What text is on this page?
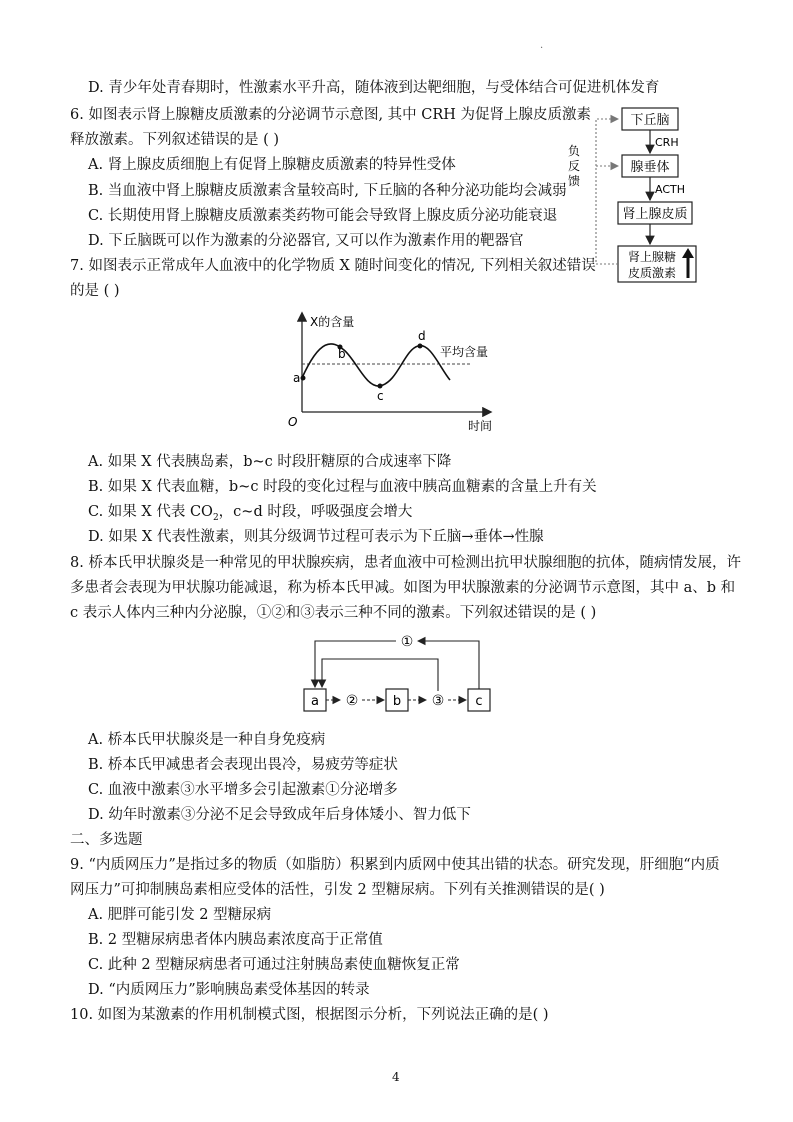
.
D. 青少年处青春期时，性激素水平升高，随体液到达靶细胞，与受体结合可促进机体发育
6. 如图表示肾上腺糖皮质激素的分泌调节示意图, 其中 CRH 为促肾上腺皮质激素
释放激素。下列叙述错误的是 ( )
A. 肾上腺皮质细胞上有促肾上腺糖皮质激素的特异性受体
B. 当血液中肾上腺糖皮质激素含量较高时, 下丘脑的各种分泌功能均会减弱
C. 长期使用肾上腺糖皮质激素类药物可能会导致肾上腺皮质分泌功能衰退
D. 下丘脑既可以作为激素的分泌器官, 又可以作为激素作用的靶器官
下丘脑
CRH
腺垂体
ACTH
肾上腺皮质
肾上腺糖
皮质激素
负
反
馈
7. 如图表示正常成年人血液中的化学物质 X 随时间变化的情况, 下列相关叙述错误
的是 ( )
X的含量
时间
O
平均含量
a
b
c
d
A. 如果 X 代表胰岛素，b~c 时段肝糖原的合成速率下降
B. 如果 X 代表血糖，b~c 时段的变化过程与血液中胰高血糖素的含量上升有关
C. 如果 X 代表 $CO_2$，c~d 时段，呼吸强度会增大
D. 如果 X 代表性激素，则其分级调节过程可表示为下丘脑→垂体→性腺
8. 桥本氏甲状腺炎是一种常见的甲状腺疾病，患者血液中可检测出抗甲状腺细胞的抗体，随病情发展，许
多患者会表现为甲状腺功能减退，称为桥本氏甲减。如图为甲状腺激素的分泌调节示意图，其中 a、b 和
c 表示人体内三种内分泌腺，①②和③表示三种不同的激素。下列叙述错误的是 ( )
a	b	c
②	③
①
A. 桥本氏甲状腺炎是一种自身免疫病
B. 桥本氏甲减患者会表现出畏冷，易疲劳等症状
C. 血液中激素③水平增多会引起激素①分泌增多
D. 幼年时激素③分泌不足会导致成年后身体矮小、智力低下
二、多选题
9. “内质网压力”是指过多的物质（如脂肪）积累到内质网中使其出错的状态。研究发现，肝细胞“内质
网压力”可抑制胰岛素相应受体的活性，引发 2 型糖尿病。下列有关推测错误的是( )
A. 肥胖可能引发 2 型糖尿病
B. 2 型糖尿病患者体内胰岛素浓度高于正常值
C. 此种 2 型糖尿病患者可通过注射胰岛素使血糖恢复正常
D. “内质网压力”影响胰岛素受体基因的转录
10. 如图为某激素的作用机制模式图，根据图示分析，下列说法正确的是( )
4
